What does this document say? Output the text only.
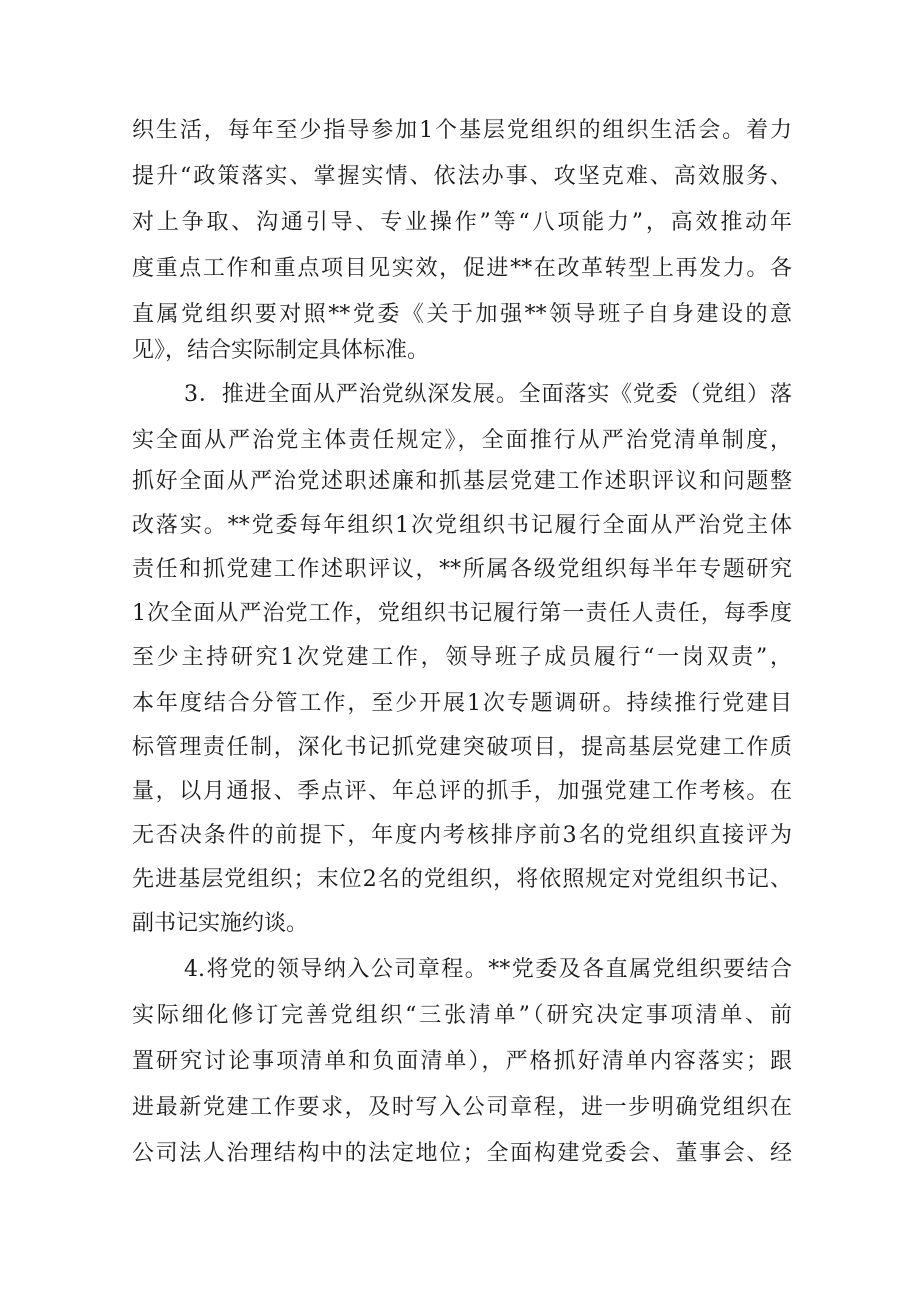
织生活，每年至少指导参加1个基层党组织的组织生活会。着力

提升“政策落实、掌握实情、依法办事、攻坚克难、高效服务、

对上争取、沟通引导、专业操作”等“八项能力”，高效推动年

度重点工作和重点项目见实效，促进**在改革转型上再发力。各

直属党组织要对照**党委《关于加强**领导班子自身建设的意

见》，结合实际制定具体标准。

3．推进全面从严治党纵深发展。全面落实《党委（党组）落

实全面从严治党主体责任规定》，全面推行从严治党清单制度，

抓好全面从严治党述职述廉和抓基层党建工作述职评议和问题整

改落实。**党委每年组织1次党组织书记履行全面从严治党主体

责任和抓党建工作述职评议，**所属各级党组织每半年专题研究

1次全面从严治党工作，党组织书记履行第一责任人责任，每季度

至少主持研究1次党建工作，领导班子成员履行“一岗双责”，

本年度结合分管工作，至少开展1次专题调研。持续推行党建目

标管理责任制，深化书记抓党建突破项目，提高基层党建工作质

量，以月通报、季点评、年总评的抓手，加强党建工作考核。在

无否决条件的前提下，年度内考核排序前3名的党组织直接评为

先进基层党组织；末位2名的党组织，将依照规定对党组织书记、

副书记实施约谈。

4.将党的领导纳入公司章程。**党委及各直属党组织要结合

实际细化修订完善党组织“三张清单”（研究决定事项清单、前

置研究讨论事项清单和负面清单），严格抓好清单内容落实；跟

进最新党建工作要求，及时写入公司章程，进一步明确党组织在

公司法人治理结构中的法定地位；全面构建党委会、董事会、经
